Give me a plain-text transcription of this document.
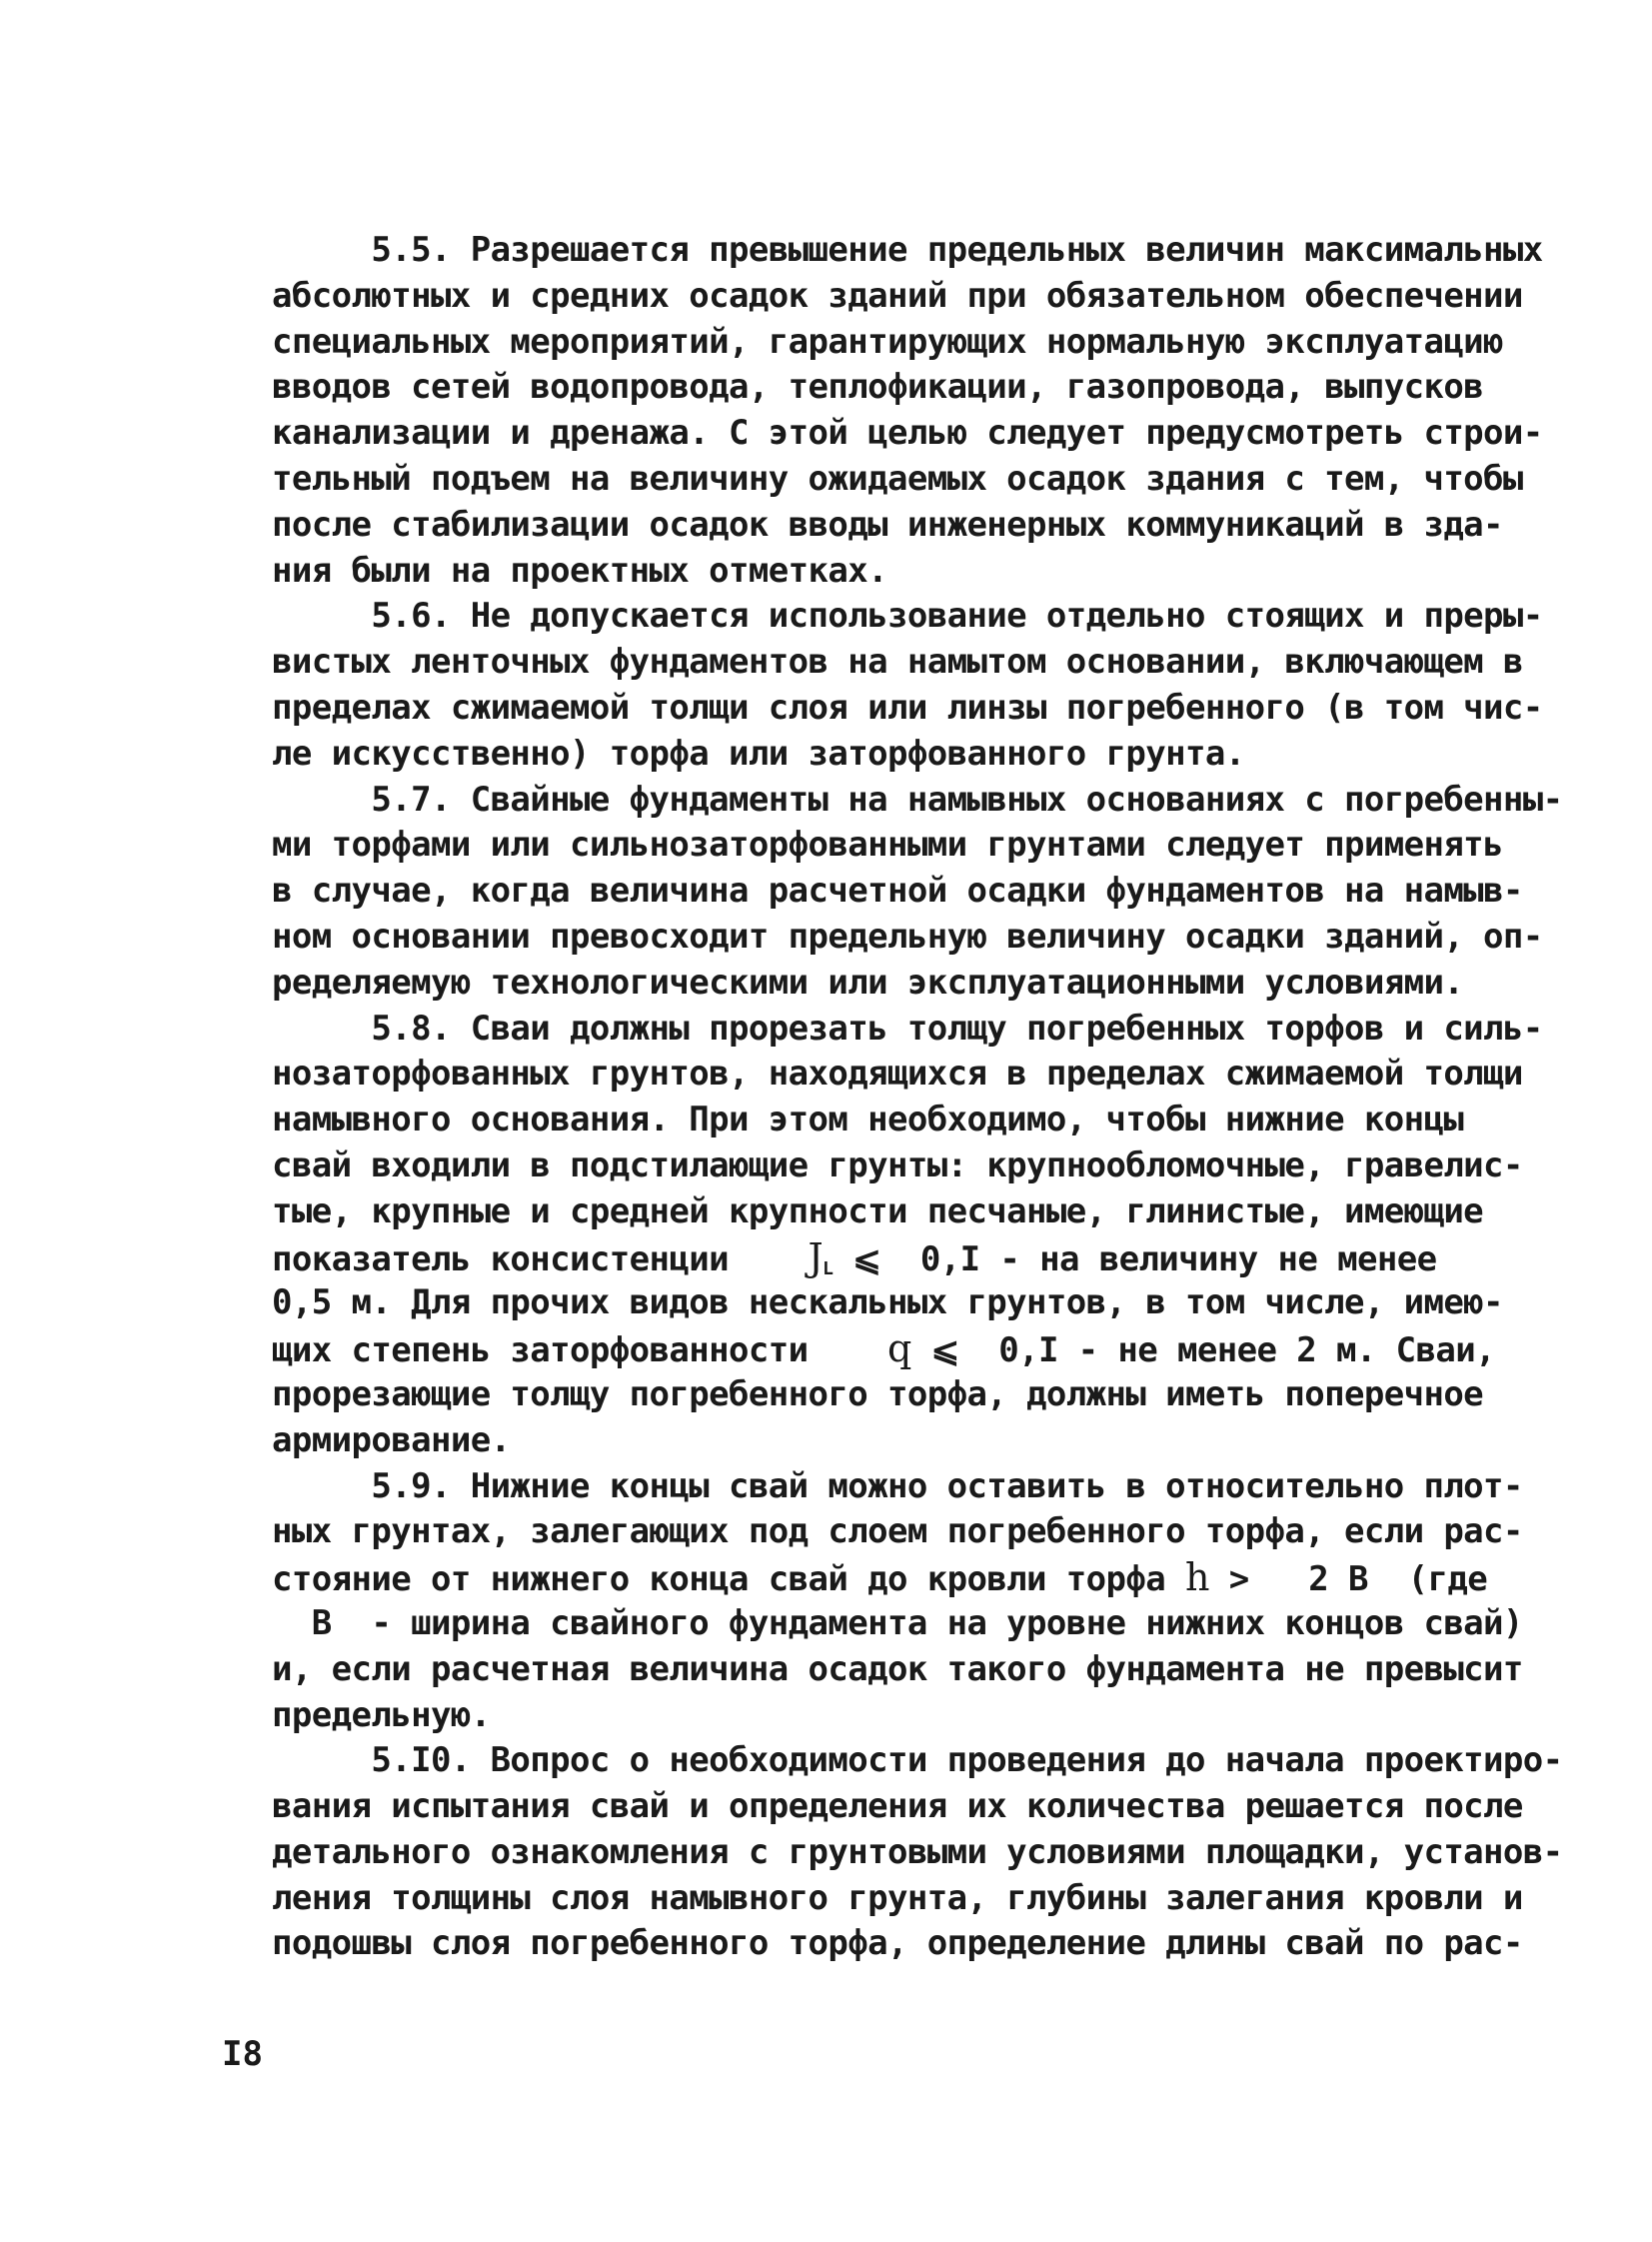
5.5. Разрешается превышение предельных величин максимальных
абсолютных и средних осадок зданий при обязательном обеспечении
специальных мероприятий, гарантирующих нормальную эксплуатацию
вводов сетей водопровода, теплофикации, газопровода, выпусков
канализации и дренажа. С этой целью следует предусмотреть строи-
тельный подъем на величину ожидаемых осадок здания с тем, чтобы
после стабилизации осадок вводы инженерных коммуникаций в зда-
ния были на проектных отметках.
5.6. Не допускается использование отдельно стоящих и преры-
вистых ленточных фундаментов на намытом основании, включающем в
пределах сжимаемой толщи слоя или линзы погребенного (в том чис-
ле искусственно) торфа или заторфованного грунта.
5.7. Свайные фундаменты на намывных основаниях с погребенны-
ми торфами или сильнозаторфованными грунтами следует применять
в случае, когда величина расчетной осадки фундаментов на намыв-
ном основании превосходит предельную величину осадки зданий, оп-
ределяемую технологическими или эксплуатационными условиями.
5.8. Сваи должны прорезать толщу погребенных торфов и силь-
нозаторфованных грунтов, находящихся в пределах сжимаемой толщи
намывного основания. При этом необходимо, чтобы нижние концы
свай входили в подстилающие грунты: крупнообломочные, гравелис-
тые, крупные и средней крупности песчаные, глинистые, имеющие
показатель консистенции    $J_L$ ⩽  0,I - на величину не менее
0,5 м. Для прочих видов нескальных грунтов, в том числе, имею-
щих степень заторфованности    q ⩽  0,I - не менее 2 м. Сваи,
прорезающие толщу погребенного торфа, должны иметь поперечное
армирование.
5.9. Нижние концы свай можно оставить в относительно плот-
ных грунтах, залегающих под слоем погребенного торфа, если рас-
стояние от нижнего конца свай до кровли торфа h >   2 В  (где
В  - ширина свайного фундамента на уровне нижних концов свай)
и, если расчетная величина осадок такого фундамента не превысит
предельную.
5.I0. Вопрос о необходимости проведения до начала проектиро-
вания испытания свай и определения их количества решается после
детального ознакомления с грунтовыми условиями площадки, установ-
ления толщины слоя намывного грунта, глубины залегания кровли и
подошвы слоя погребенного торфа, определение длины свай по рас-
I8
